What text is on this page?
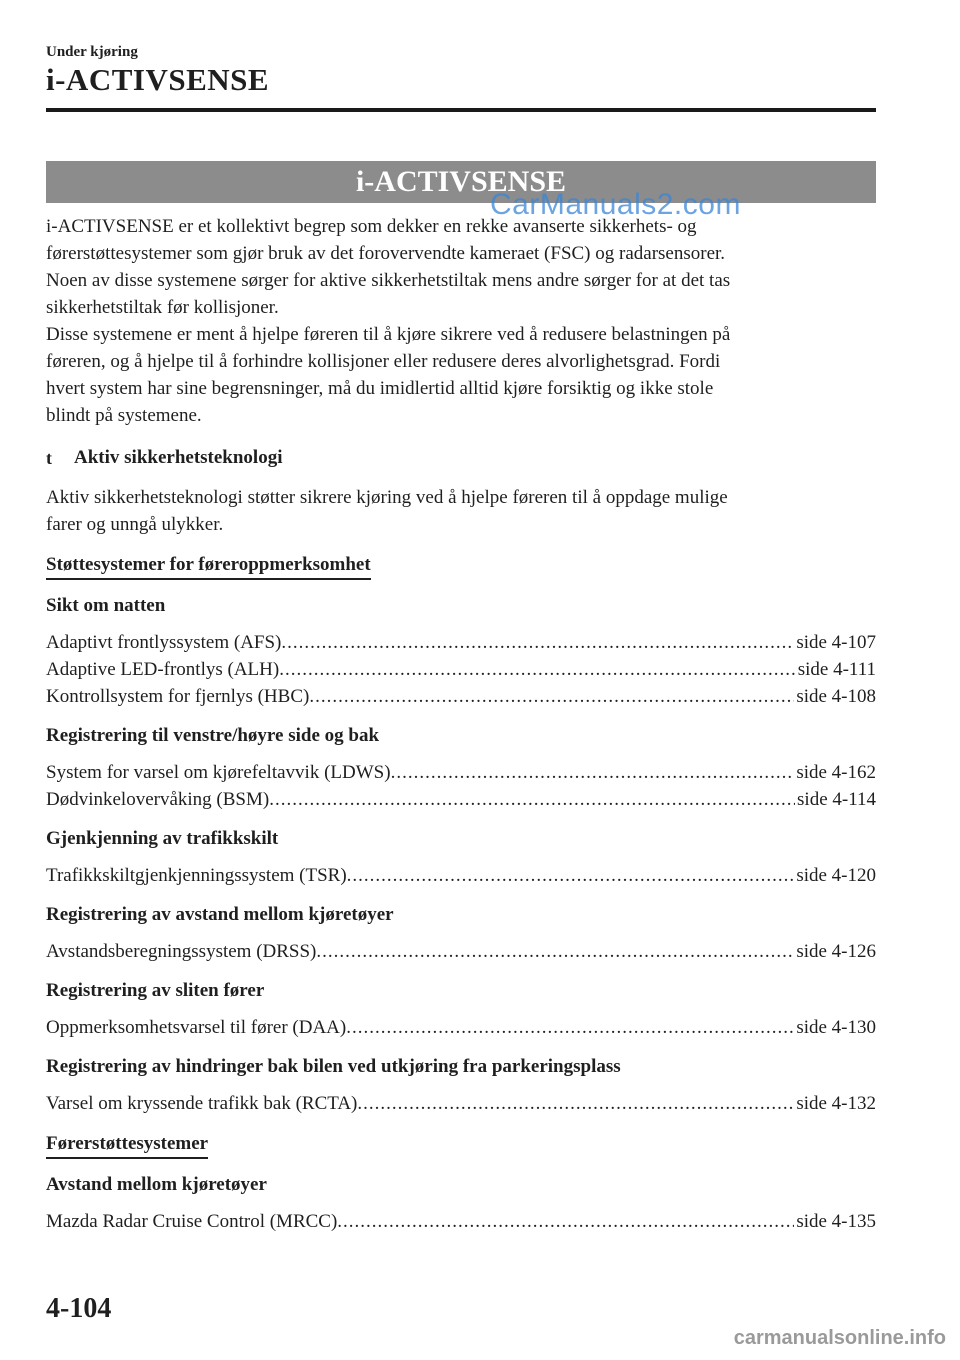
Under kjøring
i-ACTIVSENSE
i-ACTIVSENSE
CarManuals2.com

i-ACTIVSENSE er et kollektivt begrep som dekker en rekke avanserte sikkerhets- og
førerstøttesystemer som gjør bruk av det forovervendte kameraet (FSC) og radarsensorer.
Noen av disse systemene sørger for aktive sikkerhetstiltak mens andre sørger for at det tas
sikkerhetstiltak før kollisjoner.
Disse systemene er ment å hjelpe føreren til å kjøre sikrere ved å redusere belastningen på
føreren, og å hjelpe til å forhindre kollisjoner eller redusere deres alvorlighetsgrad. Fordi
hvert system har sine begrensninger, må du imidlertid alltid kjøre forsiktig og ikke stole
blindt på systemene.

t	Aktiv sikkerhetsteknologi

Aktiv sikkerhetsteknologi støtter sikrere kjøring ved å hjelpe føreren til å oppdage mulige
farer og unngå ulykker.

Støttesystemer for føreroppmerksomhet
Sikt om natten
Adaptivt frontlyssystem (AFS) .....	side 4-107
Adaptive LED-frontlys (ALH) .....	side 4-111
Kontrollsystem for fjernlys (HBC) .....	side 4-108
Registrering til venstre/høyre side og bak
System for varsel om kjørefeltavvik (LDWS) .....	side 4-162
Dødvinkelovervåking (BSM) .....	side 4-114
Gjenkjenning av trafikkskilt
Trafikkskiltgjenkjenningssystem (TSR) .....	side 4-120
Registrering av avstand mellom kjøretøyer
Avstandsberegningssystem (DRSS) .....	side 4-126
Registrering av sliten fører
Oppmerksomhetsvarsel til fører (DAA) .....	side 4-130
Registrering av hindringer bak bilen ved utkjøring fra parkeringsplass
Varsel om kryssende trafikk bak (RCTA) .....	side 4-132
Førerstøttesystemer
Avstand mellom kjøretøyer
Mazda Radar Cruise Control (MRCC) .....	side 4-135
4-104
carmanualsonline.info
